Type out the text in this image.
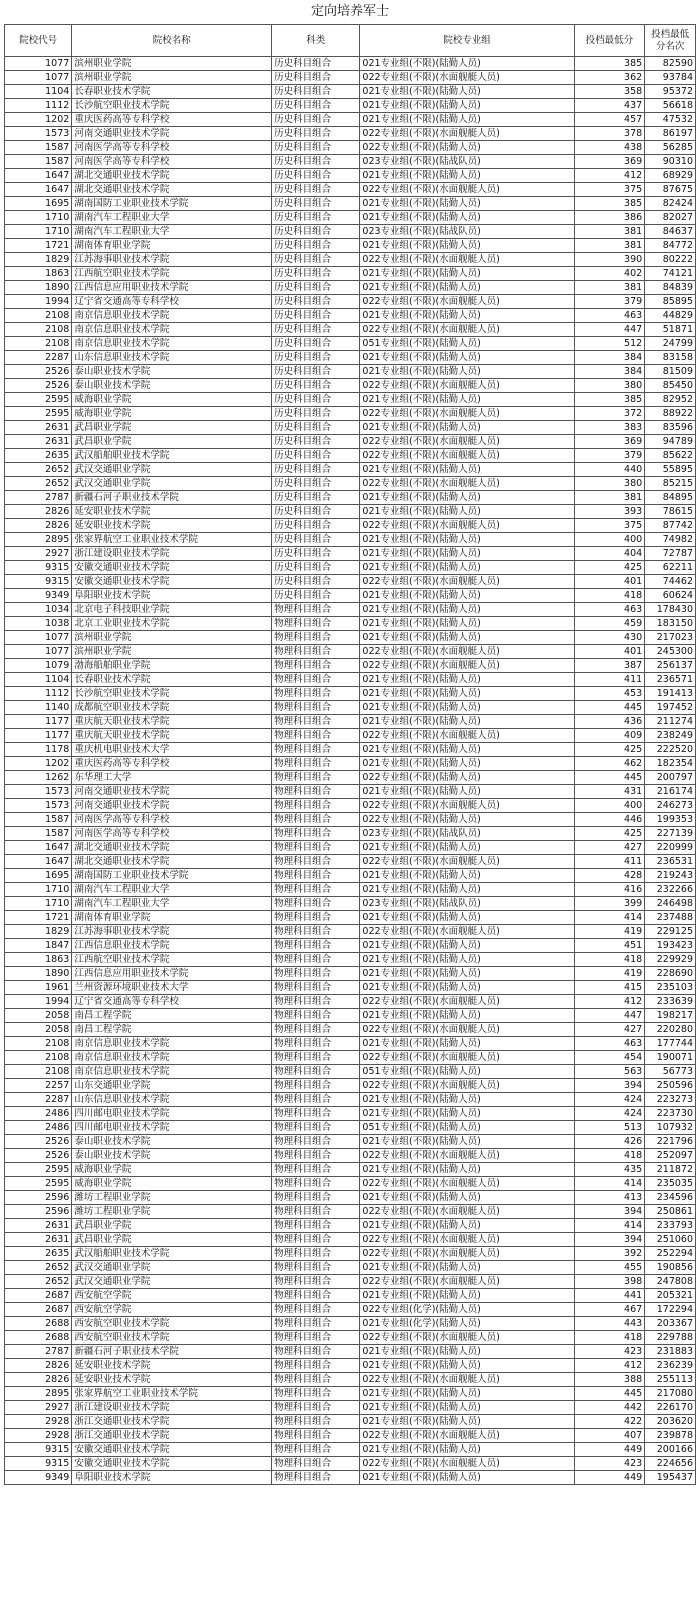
定向培养军士
院校代号	院校名称	科类	院校专业组	投档最低分	投档最低分名次
1077	滨州职业学院	历史科目组合	021专业组(不限)(陆勤人员)	385	82590
1077	滨州职业学院	历史科目组合	022专业组(不限)(水面舰艇人员)	362	93784
1104	长春职业技术学院	历史科目组合	021专业组(不限)(陆勤人员)	358	95372
1112	长沙航空职业技术学院	历史科目组合	021专业组(不限)(陆勤人员)	437	56618
1202	重庆医药高等专科学校	历史科目组合	021专业组(不限)(陆勤人员)	457	47532
1573	河南交通职业技术学院	历史科目组合	022专业组(不限)(水面舰艇人员)	378	86197
1587	河南医学高等专科学校	历史科目组合	022专业组(不限)(陆勤人员)	438	56285
1587	河南医学高等专科学校	历史科目组合	023专业组(不限)(陆战队员)	369	90310
1647	湖北交通职业技术学院	历史科目组合	021专业组(不限)(陆勤人员)	412	68929
1647	湖北交通职业技术学院	历史科目组合	022专业组(不限)(水面舰艇人员)	375	87675
1695	湖南国防工业职业技术学院	历史科目组合	021专业组(不限)(陆勤人员)	385	82424
1710	湖南汽车工程职业大学	历史科目组合	021专业组(不限)(陆勤人员)	386	82027
1710	湖南汽车工程职业大学	历史科目组合	023专业组(不限)(陆战队员)	381	84637
1721	湖南体育职业学院	历史科目组合	021专业组(不限)(陆勤人员)	381	84772
1829	江苏海事职业技术学院	历史科目组合	022专业组(不限)(水面舰艇人员)	390	80222
1863	江西航空职业技术学院	历史科目组合	021专业组(不限)(陆勤人员)	402	74121
1890	江西信息应用职业技术学院	历史科目组合	021专业组(不限)(陆勤人员)	381	84839
1994	辽宁省交通高等专科学校	历史科目组合	022专业组(不限)(水面舰艇人员)	379	85895
2108	南京信息职业技术学院	历史科目组合	021专业组(不限)(陆勤人员)	463	44829
2108	南京信息职业技术学院	历史科目组合	022专业组(不限)(水面舰艇人员)	447	51871
2108	南京信息职业技术学院	历史科目组合	051专业组(不限)(陆勤人员)	512	24799
2287	山东信息职业技术学院	历史科目组合	021专业组(不限)(陆勤人员)	384	83158
2526	泰山职业技术学院	历史科目组合	021专业组(不限)(陆勤人员)	384	81509
2526	泰山职业技术学院	历史科目组合	022专业组(不限)(水面舰艇人员)	380	85450
2595	威海职业学院	历史科目组合	021专业组(不限)(陆勤人员)	385	82952
2595	威海职业学院	历史科目组合	022专业组(不限)(水面舰艇人员)	372	88922
2631	武昌职业学院	历史科目组合	021专业组(不限)(陆勤人员)	383	83596
2631	武昌职业学院	历史科目组合	022专业组(不限)(水面舰艇人员)	369	94789
2635	武汉船舶职业技术学院	历史科目组合	022专业组(不限)(水面舰艇人员)	379	85622
2652	武汉交通职业学院	历史科目组合	021专业组(不限)(陆勤人员)	440	55895
2652	武汉交通职业学院	历史科目组合	022专业组(不限)(水面舰艇人员)	380	85215
2787	新疆石河子职业技术学院	历史科目组合	021专业组(不限)(陆勤人员)	381	84895
2826	延安职业技术学院	历史科目组合	021专业组(不限)(陆勤人员)	393	78615
2826	延安职业技术学院	历史科目组合	022专业组(不限)(水面舰艇人员)	375	87742
2895	张家界航空工业职业技术学院	历史科目组合	021专业组(不限)(陆勤人员)	400	74982
2927	浙江建设职业技术学院	历史科目组合	021专业组(不限)(陆勤人员)	404	72787
9315	安徽交通职业技术学院	历史科目组合	021专业组(不限)(陆勤人员)	425	62211
9315	安徽交通职业技术学院	历史科目组合	022专业组(不限)(水面舰艇人员)	401	74462
9349	阜阳职业技术学院	历史科目组合	021专业组(不限)(陆勤人员)	418	60624
1034	北京电子科技职业学院	物理科目组合	021专业组(不限)(陆勤人员)	463	178430
1038	北京工业职业技术学院	物理科目组合	021专业组(不限)(陆勤人员)	459	183150
1077	滨州职业学院	物理科目组合	021专业组(不限)(陆勤人员)	430	217023
1077	滨州职业学院	物理科目组合	022专业组(不限)(水面舰艇人员)	401	245300
1079	渤海船舶职业学院	物理科目组合	022专业组(不限)(水面舰艇人员)	387	256137
1104	长春职业技术学院	物理科目组合	021专业组(不限)(陆勤人员)	411	236571
1112	长沙航空职业技术学院	物理科目组合	021专业组(不限)(陆勤人员)	453	191413
1140	成都航空职业技术学院	物理科目组合	021专业组(不限)(陆勤人员)	445	197452
1177	重庆航天职业技术学院	物理科目组合	021专业组(不限)(陆勤人员)	436	211274
1177	重庆航天职业技术学院	物理科目组合	022专业组(不限)(水面舰艇人员)	409	238249
1178	重庆机电职业技术大学	物理科目组合	021专业组(不限)(陆勤人员)	425	222520
1202	重庆医药高等专科学校	物理科目组合	021专业组(不限)(陆勤人员)	462	182354
1262	东华理工大学	物理科目组合	022专业组(不限)(陆勤人员)	445	200797
1573	河南交通职业技术学院	物理科目组合	021专业组(不限)(陆勤人员)	431	216174
1573	河南交通职业技术学院	物理科目组合	022专业组(不限)(水面舰艇人员)	400	246273
1587	河南医学高等专科学校	物理科目组合	022专业组(不限)(陆勤人员)	446	199353
1587	河南医学高等专科学校	物理科目组合	023专业组(不限)(陆战队员)	425	227139
1647	湖北交通职业技术学院	物理科目组合	021专业组(不限)(陆勤人员)	427	220999
1647	湖北交通职业技术学院	物理科目组合	022专业组(不限)(水面舰艇人员)	411	236531
1695	湖南国防工业职业技术学院	物理科目组合	021专业组(不限)(陆勤人员)	428	219243
1710	湖南汽车工程职业大学	物理科目组合	021专业组(不限)(陆勤人员)	416	232266
1710	湖南汽车工程职业大学	物理科目组合	023专业组(不限)(陆战队员)	399	246498
1721	湖南体育职业学院	物理科目组合	021专业组(不限)(陆勤人员)	414	237488
1829	江苏海事职业技术学院	物理科目组合	022专业组(不限)(水面舰艇人员)	419	229125
1847	江西信息职业技术学院	物理科目组合	021专业组(不限)(陆勤人员)	451	193423
1863	江西航空职业技术学院	物理科目组合	021专业组(不限)(陆勤人员)	418	229929
1890	江西信息应用职业技术学院	物理科目组合	021专业组(不限)(陆勤人员)	419	228690
1961	兰州资源环境职业技术大学	物理科目组合	021专业组(不限)(陆勤人员)	415	235103
1994	辽宁省交通高等专科学校	物理科目组合	022专业组(不限)(水面舰艇人员)	412	233639
2058	南昌工程学院	物理科目组合	021专业组(不限)(陆勤人员)	447	198217
2058	南昌工程学院	物理科目组合	022专业组(不限)(水面舰艇人员)	427	220280
2108	南京信息职业技术学院	物理科目组合	021专业组(不限)(陆勤人员)	463	177744
2108	南京信息职业技术学院	物理科目组合	022专业组(不限)(水面舰艇人员)	454	190071
2108	南京信息职业技术学院	物理科目组合	051专业组(不限)(陆勤人员)	563	56773
2257	山东交通职业学院	物理科目组合	022专业组(不限)(水面舰艇人员)	394	250596
2287	山东信息职业技术学院	物理科目组合	021专业组(不限)(陆勤人员)	424	223273
2486	四川邮电职业技术学院	物理科目组合	021专业组(不限)(陆勤人员)	424	223730
2486	四川邮电职业技术学院	物理科目组合	051专业组(不限)(陆勤人员)	513	107932
2526	泰山职业技术学院	物理科目组合	021专业组(不限)(陆勤人员)	426	221796
2526	泰山职业技术学院	物理科目组合	022专业组(不限)(水面舰艇人员)	418	252097
2595	威海职业学院	物理科目组合	021专业组(不限)(陆勤人员)	435	211872
2595	威海职业学院	物理科目组合	022专业组(不限)(水面舰艇人员)	414	235035
2596	潍坊工程职业学院	物理科目组合	021专业组(不限)(陆勤人员)	413	234596
2596	潍坊工程职业学院	物理科目组合	022专业组(不限)(水面舰艇人员)	394	250861
2631	武昌职业学院	物理科目组合	021专业组(不限)(陆勤人员)	414	233793
2631	武昌职业学院	物理科目组合	022专业组(不限)(水面舰艇人员)	394	251060
2635	武汉船舶职业技术学院	物理科目组合	022专业组(不限)(水面舰艇人员)	392	252294
2652	武汉交通职业学院	物理科目组合	021专业组(不限)(陆勤人员)	455	190856
2652	武汉交通职业学院	物理科目组合	022专业组(不限)(水面舰艇人员)	398	247808
2687	西安航空学院	物理科目组合	021专业组(不限)(陆勤人员)	441	205321
2687	西安航空学院	物理科目组合	022专业组(化学)(陆勤人员)	467	172294
2688	西安航空职业技术学院	物理科目组合	021专业组(化学)(陆勤人员)	443	203367
2688	西安航空职业技术学院	物理科目组合	022专业组(不限)(水面舰艇人员)	418	229788
2787	新疆石河子职业技术学院	物理科目组合	021专业组(不限)(陆勤人员)	423	231883
2826	延安职业技术学院	物理科目组合	021专业组(不限)(陆勤人员)	412	236239
2826	延安职业技术学院	物理科目组合	022专业组(不限)(水面舰艇人员)	388	255113
2895	张家界航空工业职业技术学院	物理科目组合	021专业组(不限)(陆勤人员)	445	217080
2927	浙江建设职业技术学院	物理科目组合	021专业组(不限)(陆勤人员)	442	226170
2928	浙江交通职业技术学院	物理科目组合	021专业组(不限)(陆勤人员)	422	203620
2928	浙江交通职业技术学院	物理科目组合	022专业组(不限)(水面舰艇人员)	407	239878
9315	安徽交通职业技术学院	物理科目组合	021专业组(不限)(陆勤人员)	449	200166
9315	安徽交通职业技术学院	物理科目组合	022专业组(不限)(水面舰艇人员)	423	224656
9349	阜阳职业技术学院	物理科目组合	021专业组(不限)(陆勤人员)	449	195437
